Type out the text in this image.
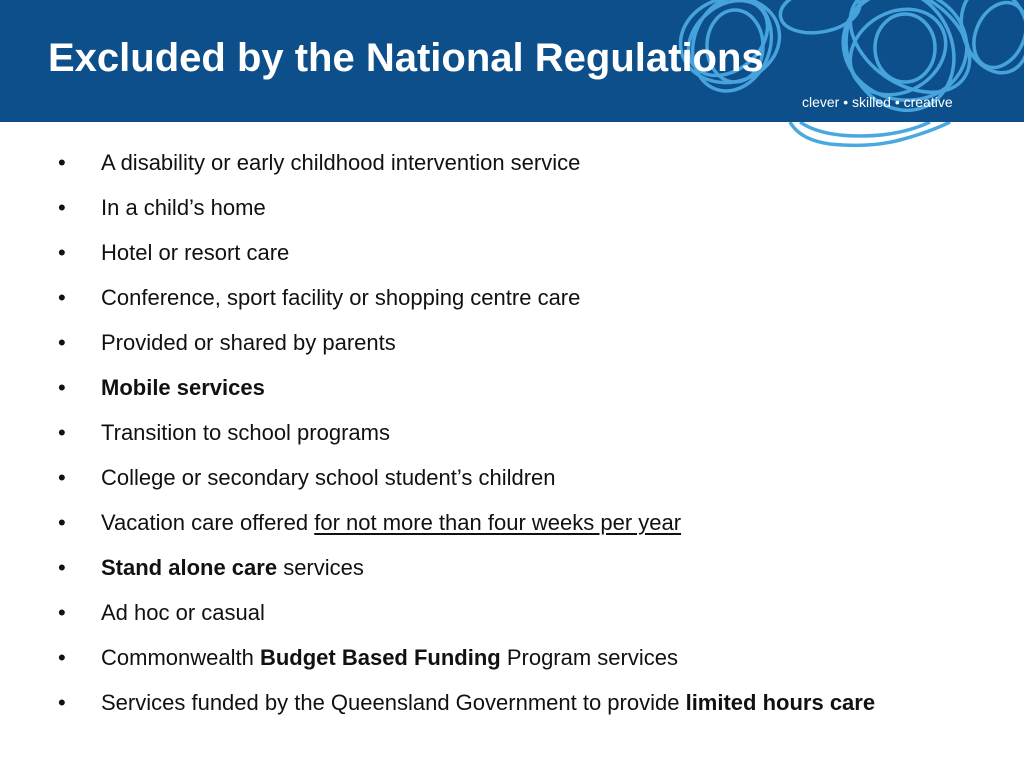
Excluded by the National Regulations
clever • skilled • creative
• A disability or early childhood intervention service
• In a child’s home
• Hotel or resort care
• Conference, sport facility or shopping centre care
• Provided or shared by parents
• Mobile services
• Transition to school programs
• College or secondary school student’s children
• Vacation care offered for not more than four weeks per year
• Stand alone care services
• Ad hoc or casual
• Commonwealth Budget Based Funding Program services
• Services funded by the Queensland Government to provide limited hours care
